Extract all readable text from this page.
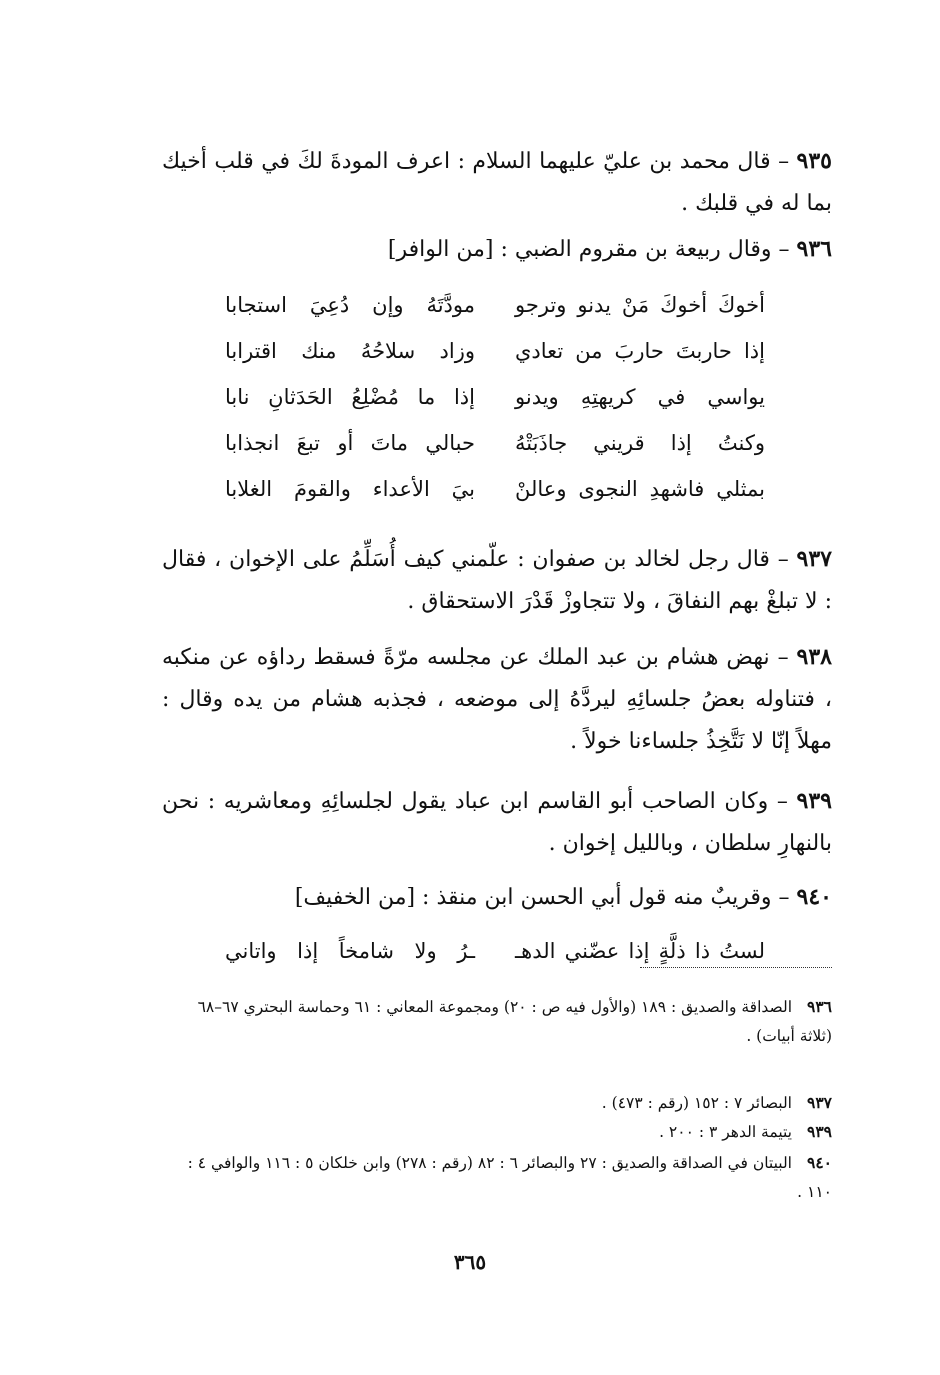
٩٣٥ – قال محمد بن عليّ عليهما السلام : اعرف المودةَ لكَ في قلب أخيك بما له في قلبك .

٩٣٦ – وقال ربيعة بن مقروم الضبي : [من الوافر]

أخوكَ أخوكَ مَنْ يدنو وترجو
مودَّتَهُ وإن دُعِيَ استجابا
إذا حاربتَ حاربَ من تعادي
وزاد سلاحُهُ منك اقترابا
يواسي في كريهتِهِ ويدنو
إذا ما مُضْلِعُ الحَدَثانِ نابا
وكنتُ إذا قريني جاذَبَتْهُ
حبالي ماتَ أو تبعَ انجذابا
بمثلي فاشهدِ النجوى وعالنْ
بيَ الأعداء والقومَ الغلابا

٩٣٧ – قال رجل لخالد بن صفوان : علّمني كيف أُسَلِّمُ على الإخوان ، فقال : لا تبلغْ بهم النفاقَ ، ولا تتجاوزْ قَدْرَ الاستحقاق .

٩٣٨ – نهض هشام بن عبد الملك عن مجلسه مرّةً فسقط رداؤه عن منكبه ، فتناوله بعضُ جلسائِهِ ليردَّهُ إلى موضعه ، فجذبه هشام من يده وقال : مهلاً إنّا لا نَتَّخِذُ جلساءنا خولاً .

٩٣٩ – وكان الصاحب أبو القاسم ابن عباد يقول لجلسائِهِ ومعاشريه : نحن بالنهارِ سلطان ، وبالليل إخوان .

٩٤٠ – وقريبٌ منه قول أبي الحسن ابن منقذ : [من الخفيف]

لستُ ذا ذلَّةٍ إذا عضّني الدهـ
ـرُ ولا شامخاً إذا واتاني
٩٣٦الصداقة والصديق : ١٨٩ (والأول فيه ص : ٢٠) ومجموعة المعاني : ٦١ وحماسة البحتري ٦٧–٦٨ (ثلاثة أبيات) .
٩٣٧البصائر ٧ : ١٥٢ (رقم : ٤٧٣) .
٩٣٩يتيمة الدهر ٣ : ٢٠٠ .
٩٤٠البيتان في الصداقة والصديق : ٢٧ والبصائر ٦ : ٨٢ (رقم : ٢٧٨) وابن خلكان ٥ : ١١٦ والوافي ٤ : ١١٠ .
٣٦٥
